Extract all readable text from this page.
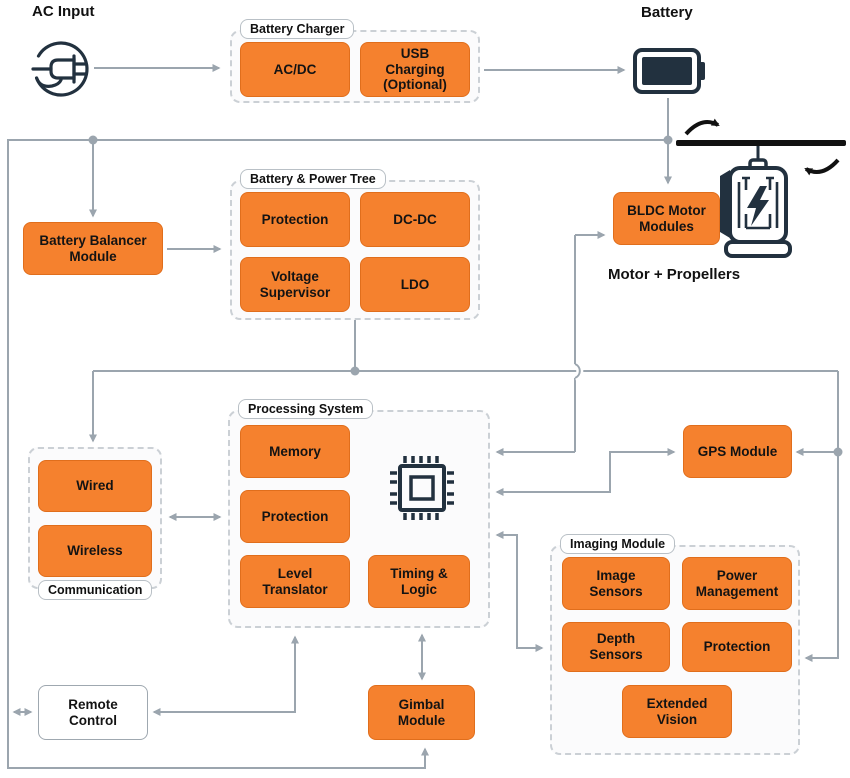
AC Input	Battery
Motor + Propellers
Battery Charger
Battery & Power Tree
Processing System
Imaging Module
Communication
AC/DC
USB Charging (Optional)
Battery Balancer Module
Protection	DC-DC
Voltage Supervisor
LDO
BLDC Motor Modules
Memory
Protection
Level Translator
Timing & Logic
GPS Module
Image Sensors
Power Management
Depth Sensors
Protection
Extended Vision
Wired
Wireless
Remote Control
Gimbal Module
